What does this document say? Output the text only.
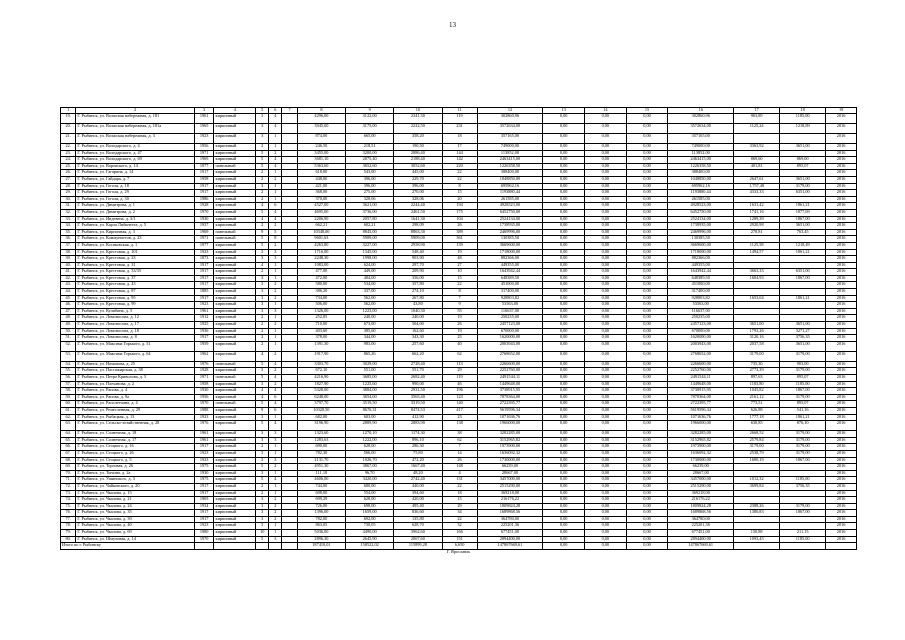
13
1	2	3	4	5	6	7	8	9	10	11	12	13	14	15	16	17	18	19
19.	Г. Рыбинск, ул. Волжская набережная, д. 181	1961	кирпичный	3	4		4296,00	3122,00	2341,30	119	302860,96	0,00	0,00	0,00	302860,96	963,89	1185,00	2016
20.	Г. Рыбинск, ул. Волжская набережная, д. 181а	1965	кирпичный	3	4		3945,00	3175,00	2222,50	231	3572634,00	0,00	0,00	0,00	3572634,00	1125,24	1218,89	2016
21.	Г. Рыбинск, ул. Волжская набережная, д. 3	1923	кирпичный	3	1		874,00	665,00	358,20	18	357165,00	0,00	0,00	0,00	357165,00			2016
22.	Г. Рыбинск, ул. Володарского, д. 4	1956	кирпичный	2	1		246,50	218,51	190,50	17	749000,00	0,00	0,00	0,00	749000,00	3363,92	3651,00	2016
23.	Г. Рыбинск, ул. Володарского, д. 47	1971	кирпичный	5	2		3455,00	3200,00	2886,40	144	113852,00	0,00	0,00	0,00	113852,00			2016
24.	Г. Рыбинск, ул. Володарского, д. 69	1969	кирпичный	5	4		3681,10	2875,40	2188,40	142	2463415,00	0,00	0,00	0,00	2463415,00	869,60	869,00	2016
25.	Г. Рыбинск, ул. Воровского, д. 14	1977	панельный	5	4		5363,60	3652,60	3052,60	220	1226358,50	0,00	0,00	0,00	1226358,50	401,81	895,07	2016
26.	Г. Рыбинск, ул. Гагарина, д. 14	1917	кирпичный	2	1		618,00	543,00	445,00	22	388400,00	0,00	0,00	0,00	388400,00			2016
27.	Г. Рыбинск, ул. Гайдара, д. 7	1958	кирпичный	2	2		448,00	396,00	229,70	22	1048850,00	0,00	0,00	0,00	1048850,00	2647,61	3651,00	2016
28.	Г. Рыбинск, ул. Гоголя, д. 18	1917	кирпичный	3	1		421,00	396,00	396,00	8	695962,16	0,00	0,00	0,00	695962,16	1,757,48	3179,00	2016
29.	Г. Рыбинск, ул. Гоголя, д. 29	1917	кирпичный	2	1		368,00	275,00	270,00	15	1193880,44	0,00	0,00	0,00	1193880,44	4333,33	6351,00	2016
30.	Г. Рыбинск, ул. Гоголя, д. 30	1986	кирпичный	2	1		370,00	328,06	328,06	20	261585,00	0,00	0,00	0,00	261585,00			2016
31.	Г. Рыбинск, ул. Димитрова, д. 1	1928	кирпичный	4	6		4527,00	3621,00	2244,40	194	4928523,00	0,00	0,00	0,00	4928523,00	1631,42	1861,21	2016
32.	Г. Рыбинск, ул. Димитрова, д. 2	1970	кирпичный	5	4		4695,00	3736,00	2461,50	175	6452750,00	0,00	0,00	0,00	6452750,00	1741,16	1877,69	2016
33.	Г. Рыбинск, ул. Индевена, д. 3/1	1930	кирпичный	4	4		2206,90	2057,80	1641,30	104	2524134,00	0,00	0,00	0,00	2524134,00	1289,39	1867,00	2016
34.	Г. Рыбинск, ул. Карла Либкнехта, д. 5	1937	кирпичный	2	2		662,21	602,21	298,09	26	1738935,00	0,00	0,00	0,00	1738935,00	2920,98	3651,00	2016
35.	Г. Рыбинск, ул. Кирпичная, д. 3	1969	панельный	9	5		10348,00	8845,00	8863,30	389	2469996,00	0,00	0,00	0,00	2469996,00	278,81	763,45	2016
36.	Г. Рыбинск, ул. Коммунистов, д. 23	1971	панельный	5	8		9601,63	5909,00	5909,00	361	130385,50	0,00	0,00	0,00	130385,50			2016
37.	Г. Рыбинск, ул. Косяковская, д. 1	1977	кирпичный	5	2		4263,80	3227,00	2958,90	139	3669600,00	0,00	0,00	0,00	3669600,00	1125,58	1218,49	2016
38.	Г. Рыбинск, ул. Крестовая, д. 101	1923	кирпичный	3	3		1716,00	1345,00	548,40	19	1718000,00	0,00	0,00	0,00	1718000,00	1494,57	1861,21	2016
39.	Г. Рыбинск, ул. Крестовая, д. 23	1873	кирпичный	3	3		2248,30	1998,00	903,90	48	882366,00	0,00	0,00	0,00	882366,00			2016
40.	Г. Рыбинск, ул. Крестовая, д. 31	1917	кирпичный	4	1		1083,00	624,00	297,70	27	449355,00	0,00	0,00	0,00	449355,00			2016
41.	Г. Рыбинск, ул. Крестовая, д. 33/35	1917	кирпичный	2	1		477,00	449,00	209,90	10	1643942,44	0,00	0,00	0,00	1643942,44	3663,33	6351,00	2016
42.	Г. Рыбинск, ул. Крестовая, д. 37	1917	кирпичный	3	1		472,00	404,00	356,00	15	648389,50	0,00	0,00	0,00	648389,50	1604,93	1867,00	2016
43.	Г. Рыбинск, ул. Крестовая, д. 43	1917	кирпичный	3	2		580,00	534,00	357,80	22	451000,00	0,00	0,00	0,00	451000,00			2016
44.	Г. Рыбинск, ул. Крестовая, д. 87	1885	кирпичный	3	2		386,20	337,00	274,10	8	317400,00	0,00	0,00	0,00	317400,00			2016
45.	Г. Рыбинск, ул. Крестовая, д. 95	1917	кирпичный	3	2		734,00	562,00	267,80	7	928803,82	0,00	0,00	0,00	928803,82	1653,04	1861,21	2016
46.	Г. Рыбинск, ул. Крестовая, д. 99	1923	кирпичный	3	1		506,00	562,00	43,80	9	53563,00	0,00	0,00	0,00	53563,00			2016
47.	Г. Рыбинск, ул. Кулибина, д. 5	1961	кирпичный	3	3		1326,00	1223,00	1040,30	55	116637,00	0,00	0,00	0,00	116637,00			2016
48.	Г. Рыбинск, ул. Ломоносова, д. 12	1912	кирпичный	2	1		252,05	240,00	240,00	19	250235,00	0,00	0,00	0,00	250235,00			2016
49.	Г. Рыбинск, ул. Ломоносова, д. 17	1925	кирпичный	2	2		710,00	673,00	504,00	26	2457123,00	0,00	0,00	0,00	2457123,00	3651,00	3651,00	2016
50.	Г. Рыбинск, ул. Ломоносова, д. 18	1936	кирпичный	2	1		403,60	385,60	162,60	19	670000,00	0,00	0,00	0,00	670000,00	1793,26	3271,27	2016
51.	Г. Рыбинск, ул. Ломоносова, д. 8	1917	кирпичный	2	1		378,00	344,00	343,30	25	1620000,00	0,00	0,00	0,00	1620000,00	3120,16	3756,35	2016
52.	Г. Рыбинск, ул. Максима Горького, д. 51	1959	кирпичный	2	1		1391,30	983,00	257,60	40	2003943,00	0,00	0,00	0,00	2003943,00	2037,58	3651,00	2016
53.	Г. Рыбинск, ул. Максима Горького, д. 64	1962	кирпичный	4	2		1917,90	865,26	662,20	62	2768652,00	0,00	0,00	0,00	2768652,00	3179,00	3179,00	2016
54.	Г. Рыбинск, ул. Нахимова, д. 25	1976	панельный	5	4		3303,70	3029,00	2728,40	113	2266600,00	0,00	0,00	0,00	2266600,00	735,30	903,00	2016
55.	Г. Рыбинск, ул. Пассажирская, д. 38	1928	кирпичный	3	2		672,10	551,00	551,70	29	2252760,00	0,00	0,00	0,00	2252760,00	2773,39	3179,00	2016
56.	Г. Рыбинск, ул. Петра Криволова, д. 5	1971	панельный	5	4		4216,90	3685,00	2682,40	119	2491544,11	0,00	0,00	0,00	2491544,11	897,63	895,07	2016
57.	Г. Рыбинск, ул. Плеханова, д. 2	1958	кирпичный	3	2		1827,90	1225,60	990,00	46	1449648,00	0,00	0,00	0,00	1449648,00	1183,80	1185,00	2016
58.	Г. Рыбинск, ул. Рапова, д. 4	1930	кирпичный	4	4		5328,00	3884,00	2931,50	196	3738915,95	0,00	0,00	0,00	3738915,95	1045,82	1867,00	2016
59.	Г. Рыбинск, ул. Рапова, д. 9а	1956	кирпичный	4	6		6248,00	3654,00	3565,40	123	7878364,00	0,00	0,00	0,00	7878364,00	2161,12	3179,00	2016
60.	Г. Рыбинск, ул. Расплетчина, д. 4	1970	панельный	5	4		3797,70	3519,50	3319,50	140	2722395,77	0,00	0,00	0,00	2722395,77	773,51	895,07	2016
61.	Г. Рыбинск, ул. Ремесленная, д. 29	1988	кирпичный	9	6		10328,50	8676,31	8474,53	417	5619596,34	0,00	0,00	0,00	5619596,34	626,88	541,16	2016
62.	Г. Рыбинск, ул. Рыбацкая, д. 13	1923	кирпичный	3	1		682,00	603,00	412,90	23	1071636,76	0,00	0,00	0,00	1071636,76	1777,18	1861,21	2016
63.	Г. Рыбинск, ул. Сельско-хозяйственная, д. 28	1976	кирпичный	5	4		3196,90	2889,90	2883,90	138	1966000,00	0,00	0,00	0,00	1966000,00	630,85	876,10	2016
64.	Г. Рыбинск, ул. Солнечная, д. 18	1961	кирпичный	3	3		1323,60	1270,10	1174,30	38	3282285,00	0,00	0,00	0,00	3282285,00	2668,52	3179,00	2016
65.	Г. Рыбинск, ул. Солнечная, д. 17	1961	кирпичный	3	3		1283,63	1222,00	896,10	62	3152965,82	0,00	0,00	0,00	3152965,82	2579,84	3179,00	2016
66.	Г. Рыбинск, ул. Стоцкого, д. 16	1917	кирпичный	2	1		690,00	628,00	286,30	7	1973900,00	0,00	0,00	0,00	1973900,00	3179,00	3179,00	2016
67.	Г. Рыбинск, ул. Стоцкого, д. 26	1923	кирпичный	3	1		782,30	566,00	75,80	14	1636092,32	0,00	0,00	0,00	1636092,32	2538,79	3179,00	2016
68.	Г. Рыбинск, ул. Стоцкого, д. 5	1923	кирпичный	3	3		2131,70	1026,70	472,20	26	1730000,00	0,00	0,00	0,00	1730000,00	1680,19	1867,00	2016
69.	Г. Рыбинск, ул. Торговая, д. 26	1975	кирпичный	5	2		4951,30	3867,00	1667,40	148	66239,00	0,00	0,00	0,00	66239,00			2016
70.	Г. Рыбинск, ул. Тычина, д. 2а	1930	кирпичный	3	1		111,10	96,70	48,20	4	28667,00	0,00	0,00	0,00	28667,00			2016
71.	Г. Рыбинск, ул. Ушинского, д. 3	1975	кирпичный	5	4		4606,00	3420,00	2742,40	131	3457000,00	0,00	0,00	0,00	3457000,00	1012,32	1185,00	2016
72.	Г. Рыбинск, ул. Чайковского, д. 20	1917	кирпичный	2	1		744,00	680,00	440,00	22	2515290,00	0,00	0,00	0,00	2515290,00	3699,84	3756,35	2016
73.	Г. Рыбинск, ул. Чкалова, д. 15	1917	кирпичный	2	1		698,00	554,00	394,60	18	369218,00	0,00	0,00	0,00	369218,00			2016
74.	Г. Рыбинск, ул. Чкалова, д. 21	1905	кирпичный	3	2		699,29	628,00	420,00	15	216176,22	0,00	0,00	0,00	216176,22			2016
75.	Г. Рыбинск, ул. Чкалова, д. 24	1934	кирпичный	3	2		726,00	698,00	495,40	29	1809824,28	0,00	0,00	0,00	1809824,28	2388,26	3179,00	2016
76.	Г. Рыбинск, ул. Чкалова, д. 35	1917	кирпичный	3	2		1396,00	1659,00	836,60	34	1689868,56	0,00	0,00	0,00	1689868,56	1380,83	1867,00	2016
77.	Г. Рыбинск, ул. Чкалова, д. 39	1917	кирпичный	3	2		782,00	692,00	135,80	22	364780,00	0,00	0,00	0,00	364780,00			2016
78.	Г. Рыбинск, ул. Чкалова, д. 40	1923	кирпичный	3	1		863,05	730,05	628,70	32	225201,36	0,00	0,00	0,00	225201,36			2016
79.	Г. Рыбинск, ул. Чкалова, д. 69	1980	кирпичный	10	1		5036,00	4490,00	3962,60	166	677451,00	0,00	0,00	0,00	677451,00	150,88	211,15	2016
80.	Г. Рыбинск, ул. Шмуловая, д. 14	1970	кирпичный	5	3		2896,30	2645,90	2067,60	151	2894400,00	0,00	0,00	0,00	2894400,00	1093,45	1185,00	2016
Итого по г. Рыбинску							187410,01	158522,02	115899,28	6,650	147867669,61	0,00	0,00	0,00	147867669,61			
Г. Ярославль																		
